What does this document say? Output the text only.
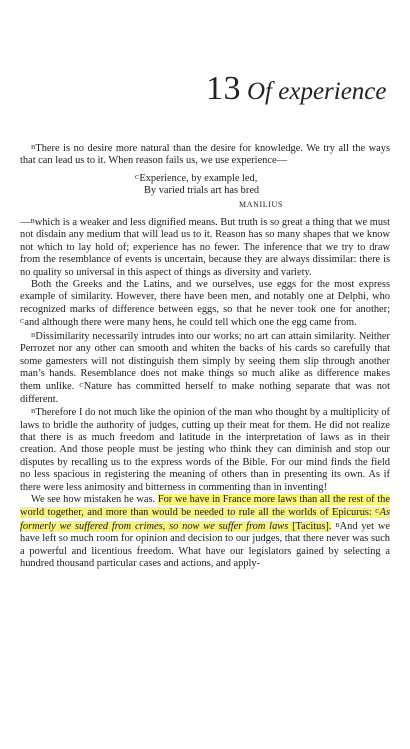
13 Of experience

$^B$There is no desire more natural than the desire for knowledge. We try all the ways that can lead us to it. When reason fails us, we use experience—

$^C$Experience, by example led,
By varied trials art has bred
MANILIUS

—$^B$which is a weaker and less dignified means. But truth is so great a thing that we must not disdain any medium that will lead us to it. Reason has so many shapes that we know not which to lay hold of; experience has no fewer. The inference that we try to draw from the resemblance of events is uncertain, because they are always dissimilar: there is no quality so universal in this aspect of things as diversity and variety.

Both the Greeks and the Latins, and we ourselves, use eggs for the most express example of similarity. However, there have been men, and notably one at Delphi, who recognized marks of difference between eggs, so that he never took one for another; $^C$and although there were many hens, he could tell which one the egg came from.

$^B$Dissimilarity necessarily intrudes into our works; no art can attain similarity. Neither Perrozet nor any other can smooth and whiten the backs of his cards so carefully that some gamesters will not distinguish them simply by seeing them slip through another man’s hands. Resemblance does not make things so much alike as difference makes them unlike. $^C$Nature has committed herself to make nothing separate that was not different.

$^B$Therefore I do not much like the opinion of the man who thought by a multiplicity of laws to bridle the authority of judges, cutting up their meat for them. He did not realize that there is as much freedom and latitude in the interpretation of laws as in their creation. And those people must be jesting who think they can diminish and stop our disputes by recalling us to the express words of the Bible. For our mind finds the field no less spacious in registering the meaning of others than in presenting its own. As if there were less animosity and bitterness in commenting than in inventing!

We see how mistaken he was. For we have in France more laws than all the rest of the world together, and more than would be needed to rule all the worlds of Epicurus: $^C$As formerly we suffered from crimes, so now we suffer from laws [Tacitus]. $^B$And yet we have left so much room for opinion and decision to our judges, that there never was such a powerful and licentious freedom. What have our legislators gained by selecting a hundred thousand particular cases and actions, and apply-
